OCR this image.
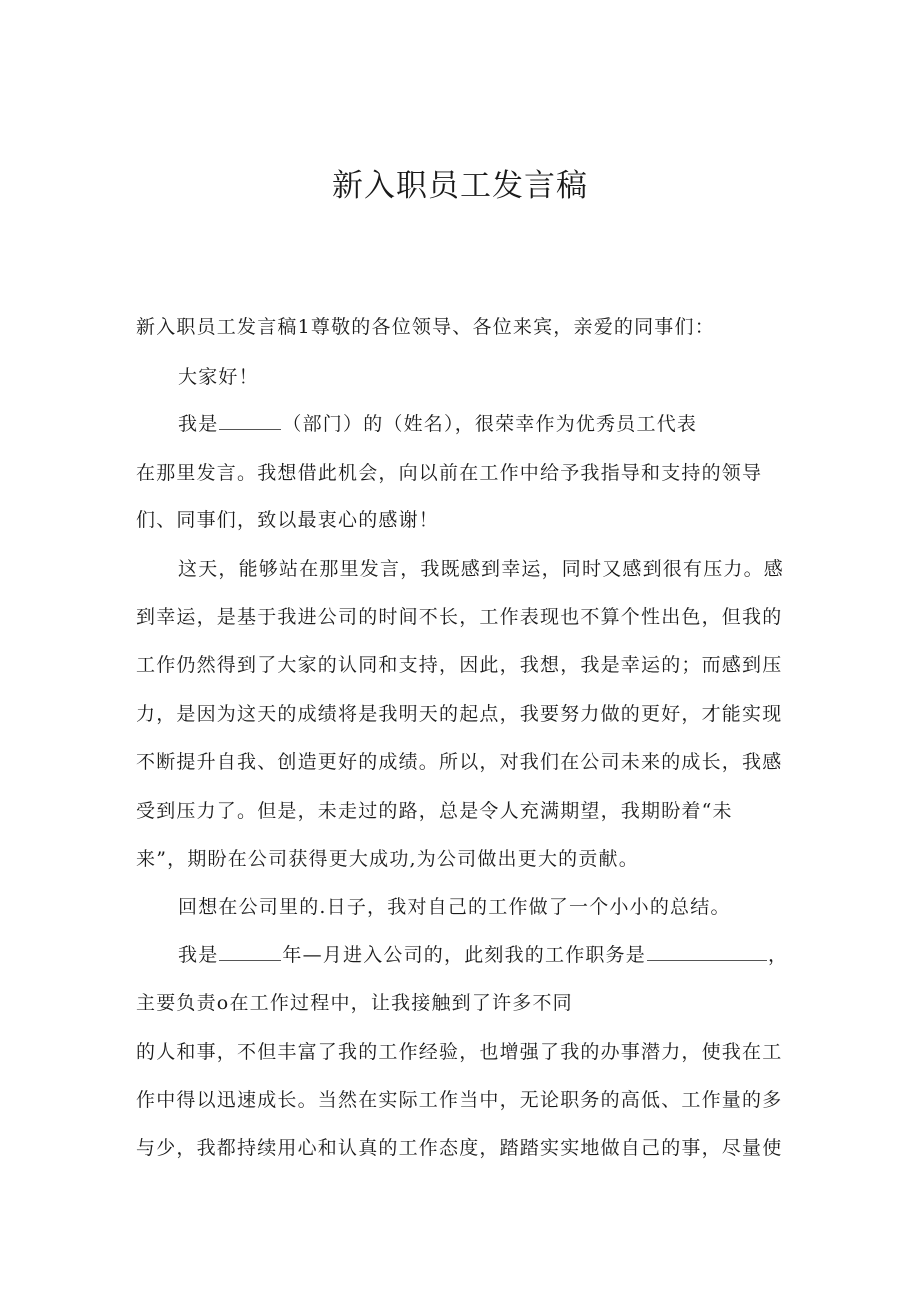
新入职员工发言稿
新入职员工发言稿1尊敬的各位领导、各位来宾，亲爱的同事们：
大家好！
我是	（部门）的（姓名），很荣幸作为优秀员工代表
在那里发言。我想借此机会，向以前在工作中给予我指导和支持的领导
们、同事们，致以最衷心的感谢！
这天，能够站在那里发言，我既感到幸运，同时又感到很有压力。感
到幸运，是基于我进公司的时间不长，工作表现也不算个性出色，但我的
工作仍然得到了大家的认同和支持，因此，我想，我是幸运的；而感到压
力，是因为这天的成绩将是我明天的起点，我要努力做的更好，才能实现
不断提升自我、创造更好的成绩。所以，对我们在公司未来的成长，我感
受到压力了。但是，未走过的路，总是令人充满期望，我期盼着“未
来”，期盼在公司获得更大成功,为公司做出更大的贡献。
回想在公司里的.日子，我对自己的工作做了一个小小的总结。
我是	年—月进入公司的，此刻我的工作职务是	，
主要负责o在工作过程中，让我接触到了许多不同
的人和事，不但丰富了我的工作经验，也增强了我的办事潜力，使我在工
作中得以迅速成长。当然在实际工作当中，无论职务的高低、工作量的多
与少，我都持续用心和认真的工作态度，踏踏实实地做自己的事，尽量使
